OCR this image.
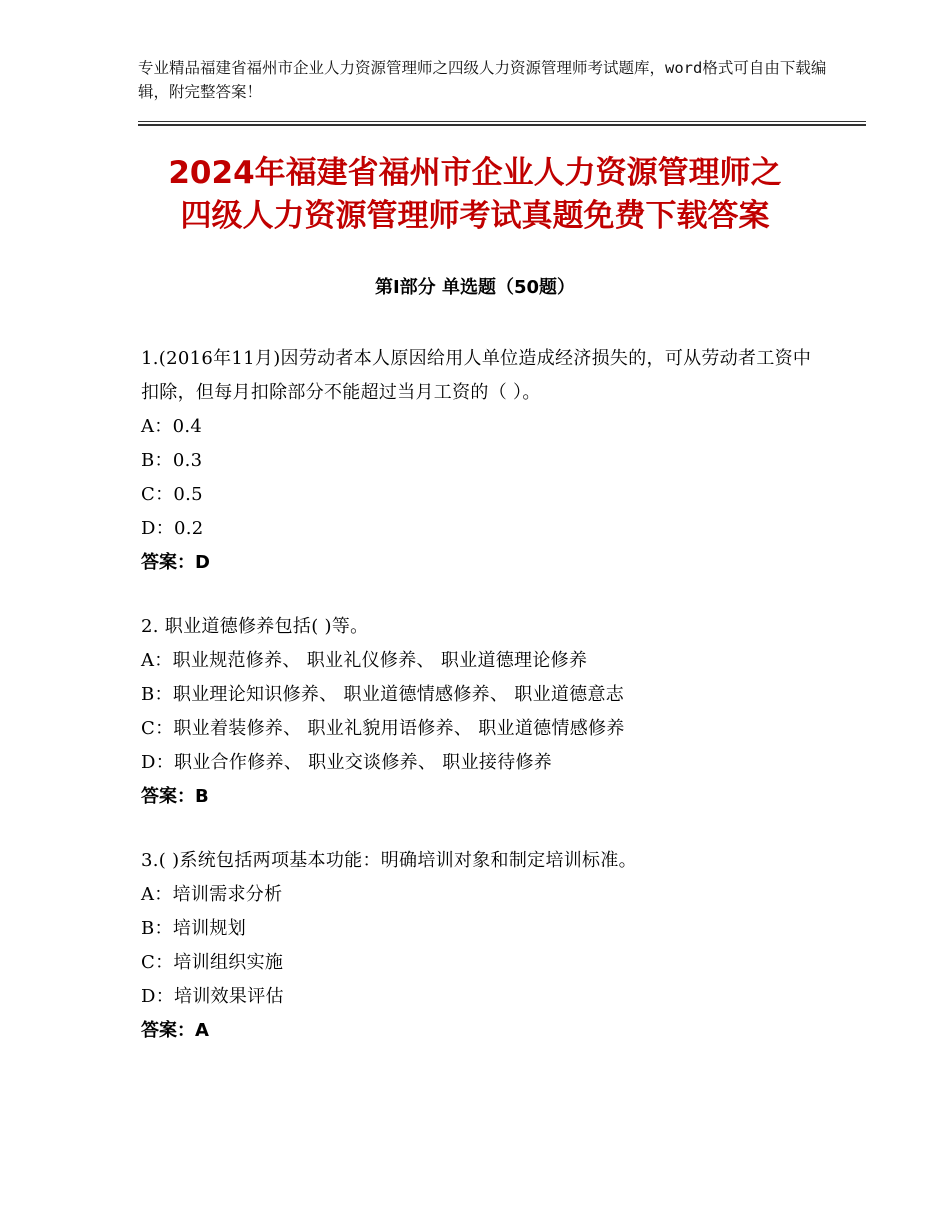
专业精品福建省福州市企业人力资源管理师之四级人力资源管理师考试题库，word格式可自由下载编辑，附完整答案！
2024年福建省福州市企业人力资源管理师之
四级人力资源管理师考试真题免费下载答案
第Ⅰ部分 单选题（50题）
1.(2016年11月)因劳动者本人原因给用人单位造成经济损失的，可从劳动者工资中扣除，但每月扣除部分不能超过当月工资的（ ）。
A：0.4
B：0.3
C：0.5
D：0.2
答案：D
2. 职业道德修养包括( )等。
A：职业规范修养、 职业礼仪修养、 职业道德理论修养
B：职业理论知识修养、 职业道德情感修养、 职业道德意志
C：职业着装修养、 职业礼貌用语修养、 职业道德情感修养
D：职业合作修养、 职业交谈修养、 职业接待修养
答案：B
3.( )系统包括两项基本功能：明确培训对象和制定培训标准。
A：培训需求分析
B：培训规划
C：培训组织实施
D：培训效果评估
答案：A
